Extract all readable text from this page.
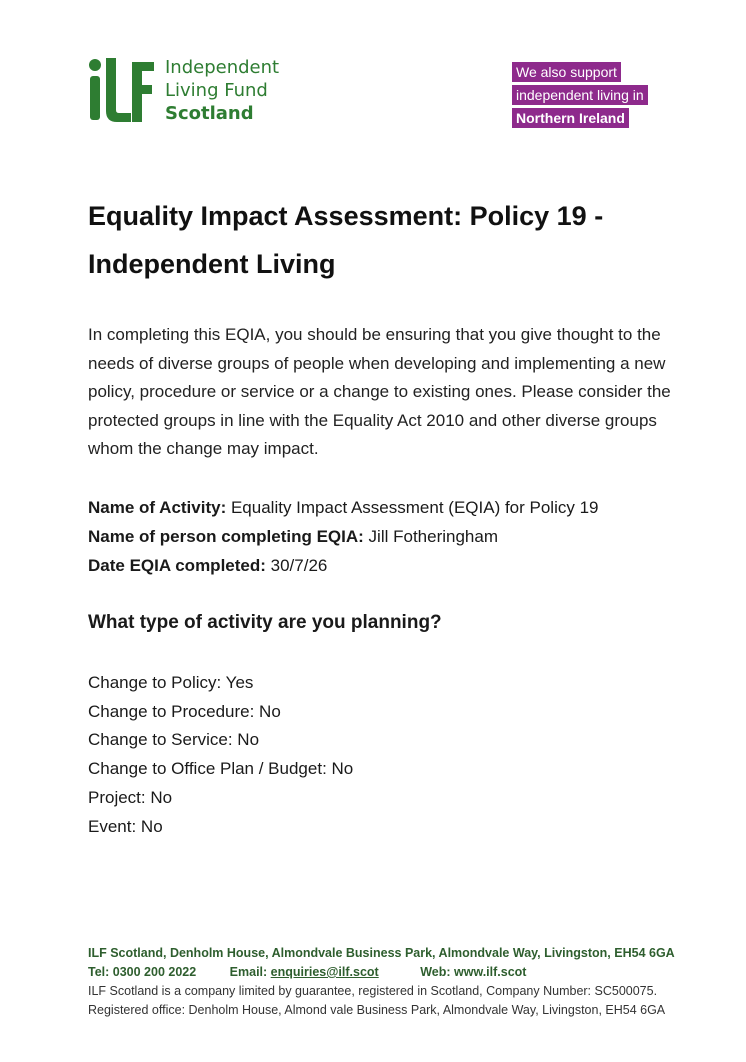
Independent
Living Fund
Scotland
We also support
independent living in
Northern Ireland
Equality Impact Assessment: Policy 19 -
Independent Living

In completing this EQIA, you should be ensuring that you give thought to the needs of diverse groups of people when developing and implementing a new policy, procedure or service or a change to existing ones. Please consider the protected groups in line with the Equality Act 2010 and other diverse groups whom the change may impact.

Name of Activity: Equality Impact Assessment (EQIA) for Policy 19
Name of person completing EQIA: Jill Fotheringham
Date EQIA completed: 30/7/26
What type of activity are you planning?
Change to Policy: Yes
Change to Procedure: No
Change to Service: No
Change to Office Plan / Budget: No
Project: No
Event: No
ILF Scotland, Denholm House, Almondvale Business Park, Almondvale Way, Livingston, EH54 6GA
Tel: 0300 200 2022	Email: enquiries@ilf.scot	Web: www.ilf.scot
ILF Scotland is a company limited by guarantee, registered in Scotland, Company Number: SC500075.
Registered office: Denholm House, Almond vale Business Park, Almondvale Way, Livingston, EH54 6GA
